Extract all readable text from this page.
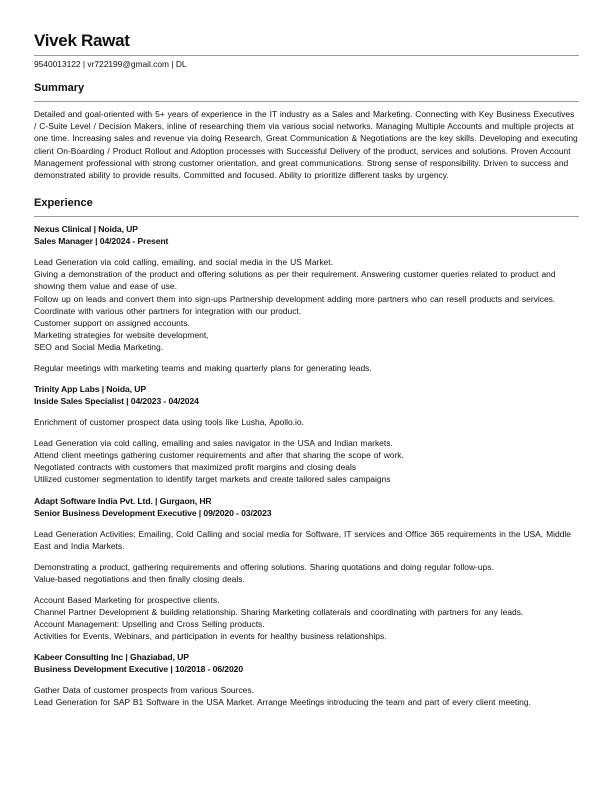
Vivek Rawat
9540013122 | vr722199@gmail.com | DL
Summary

Detailed and goal-oriented with 5+ years of experience in the IT industry as a Sales and Marketing. Connecting with Key Business Executives / C-Suite Level / Decision Makers, inline of researching them via various social networks. Managing Multiple Accounts and multiple projects at one time. Increasing sales and revenue via doing Research, Great Communication & Negotiations are the key skills. Developing and executing client On-Boarding / Product Rollout and Adoption processes with Successful Delivery of the product, services and solutions. Proven Account Management professional with strong customer orientation, and great communications. Strong sense of responsibility. Driven to success and demonstrated ability to provide results. Committed and focused. Ability to prioritize different tasks by urgency.

Experience
Nexus Clinical | Noida, UP
Sales Manager | 04/2024 - Present

Lead Generation via cold calling, emailing, and social media in the US Market.
Giving a demonstration of the product and offering solutions as per their requirement. Answering customer queries related to product and showing them value and ease of use.
Follow up on leads and convert them into sign-ups Partnership development adding more partners who can resell products and services.
Coordinate with various other partners for integration with our product.
Customer support on assigned accounts.
Marketing strategies for website development,
SEO and Social Media Marketing.

Regular meetings with marketing teams and making quarterly plans for generating leads.

Trinity App Labs | Noida, UP
Inside Sales Specialist | 04/2023 - 04/2024

Enrichment of customer prospect data using tools like Lusha, Apollo.io.

Lead Generation via cold calling, emailing and sales navigator in the USA and Indian markets.
Attend client meetings gathering customer requirements and after that sharing the scope of work.
Negotiated contracts with customers that maximized profit margins and closing deals
Utilized customer segmentation to identify target markets and create tailored sales campaigns

Adapt Software India Pvt. Ltd. | Gurgaon, HR
Senior Business Development Executive | 09/2020 - 03/2023

Lead Generation Activities: Emailing, Cold Calling and social media for Software, IT services and Office 365 requirements in the USA, Middle East and India Markets.

Demonstrating a product, gathering requirements and offering solutions. Sharing quotations and doing regular follow-ups.
Value-based negotiations and then finally closing deals.

Account Based Marketing for prospective clients.
Channel Partner Development & building relationship. Sharing Marketing collaterals and coordinating with partners for any leads.
Account Management: Upselling and Cross Selling products.
Activities for Events, Webinars, and participation in events for healthy business relationships.

Kabeer Consulting Inc | Ghaziabad, UP
Business Development Executive | 10/2018 - 06/2020

Gather Data of customer prospects from various Sources.
Lead Generation for SAP B1 Software in the USA Market. Arrange Meetings introducing the team and part of every client meeting.
